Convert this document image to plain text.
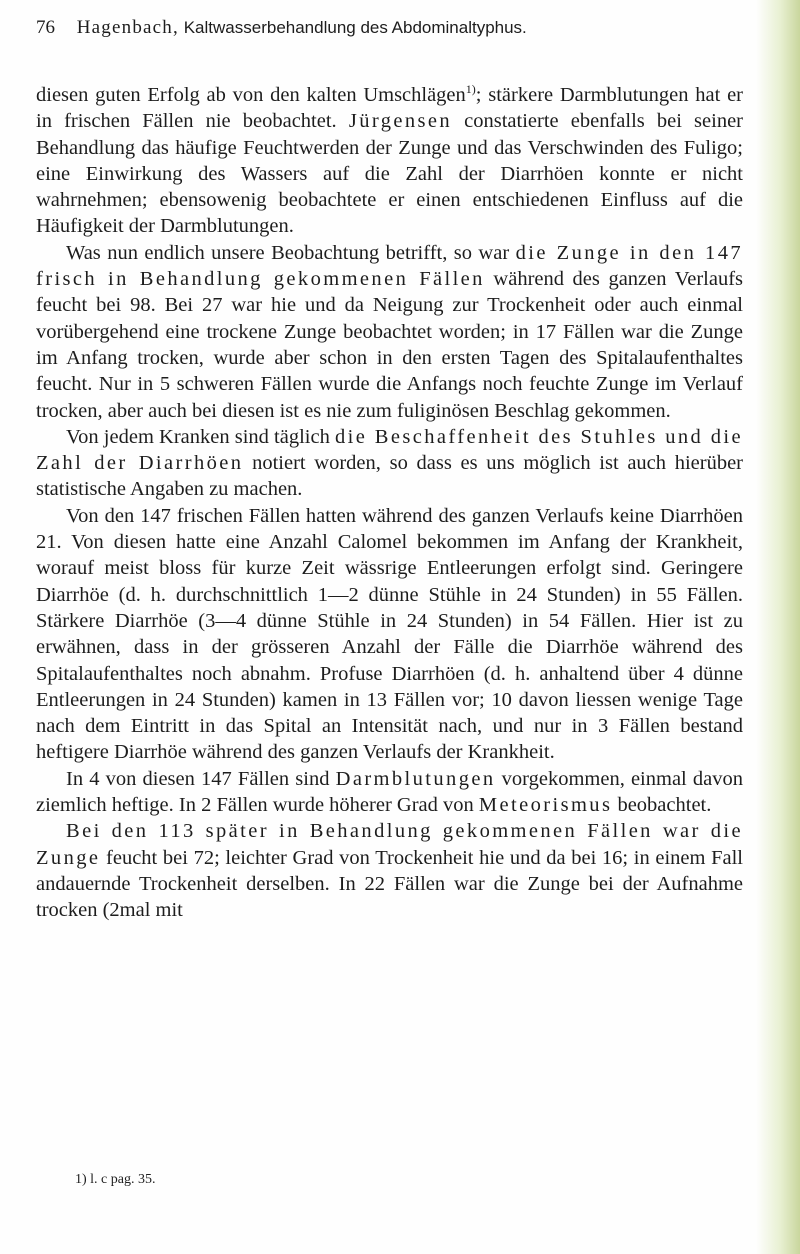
76 Hagenbach, Kaltwasserbehandlung des Abdominaltyphus.

diesen guten Erfolg ab von den kalten Umschlägen$^{1)}$; stärkere Darmblutungen hat er in frischen Fällen nie beobachtet. Jürgensen constatierte ebenfalls bei seiner Behandlung das häufige Feuchtwerden der Zunge und das Verschwinden des Fuligo; eine Einwirkung des Wassers auf die Zahl der Diarrhöen konnte er nicht wahrnehmen; ebensowenig beobachtete er einen entschiedenen Einfluss auf die Häufigkeit der Darmblutungen.

Was nun endlich unsere Beobachtung betrifft, so war die Zunge in den 147 frisch in Behandlung gekommenen Fällen während des ganzen Verlaufs feucht bei 98. Bei 27 war hie und da Neigung zur Trockenheit oder auch einmal vorübergehend eine trockene Zunge beobachtet worden; in 17 Fällen war die Zunge im Anfang trocken, wurde aber schon in den ersten Tagen des Spitalaufenthaltes feucht. Nur in 5 schweren Fällen wurde die Anfangs noch feuchte Zunge im Verlauf trocken, aber auch bei diesen ist es nie zum fuliginösen Beschlag gekommen.

Von jedem Kranken sind täglich die Beschaffenheit des Stuhles und die Zahl der Diarrhöen notiert worden, so dass es uns möglich ist auch hierüber statistische Angaben zu machen.

Von den 147 frischen Fällen hatten während des ganzen Verlaufs keine Diarrhöen 21. Von diesen hatte eine Anzahl Calomel bekommen im Anfang der Krankheit, worauf meist bloss für kurze Zeit wässrige Entleerungen erfolgt sind. Geringere Diarrhöe (d. h. durchschnittlich 1—2 dünne Stühle in 24 Stunden) in 55 Fällen. Stärkere Diarrhöe (3—4 dünne Stühle in 24 Stunden) in 54 Fällen. Hier ist zu erwähnen, dass in der grösseren Anzahl der Fälle die Diarrhöe während des Spitalaufenthaltes noch abnahm. Profuse Diarrhöen (d. h. anhaltend über 4 dünne Entleerungen in 24 Stunden) kamen in 13 Fällen vor; 10 davon liessen wenige Tage nach dem Eintritt in das Spital an Intensität nach, und nur in 3 Fällen bestand heftigere Diarrhöe während des ganzen Verlaufs der Krankheit.

In 4 von diesen 147 Fällen sind Darmblutungen vorgekommen, einmal davon ziemlich heftige. In 2 Fällen wurde höherer Grad von Meteorismus beobachtet.

Bei den 113 später in Behandlung gekommenen Fällen war die Zunge feucht bei 72; leichter Grad von Trockenheit hie und da bei 16; in einem Fall andauernde Trockenheit derselben. In 22 Fällen war die Zunge bei der Aufnahme trocken (2mal mit

1) l. c pag. 35.
